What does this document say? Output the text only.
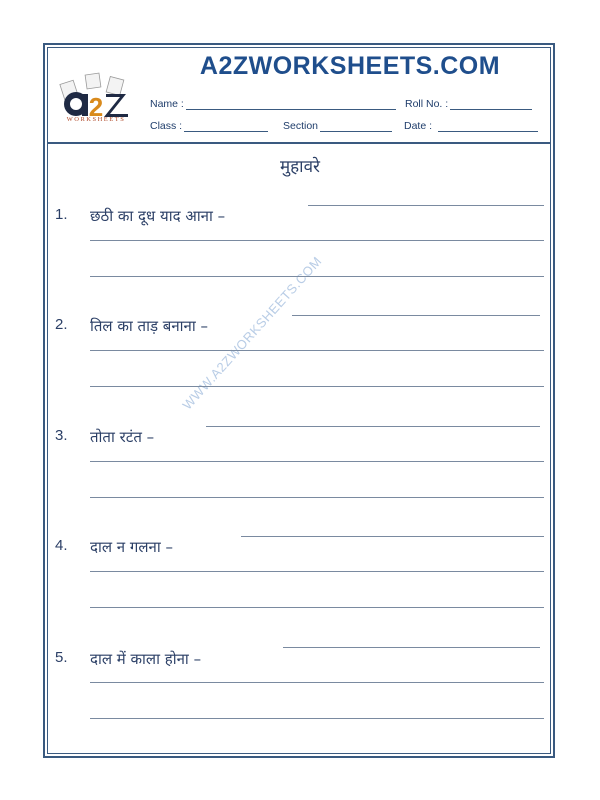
2
WORKSHEETS
A2ZWORKSHEETS.COM
Name :	Roll No. :
Class :	Section	Date :
मुहावरे
WWW.A2ZWORKSHEETS.COM
1. छठी का दूध याद आना –
2. तिल का ताड़ बनाना –
3. तोता रटंत –
4. दाल न गलना –
5. दाल में काला होना –
